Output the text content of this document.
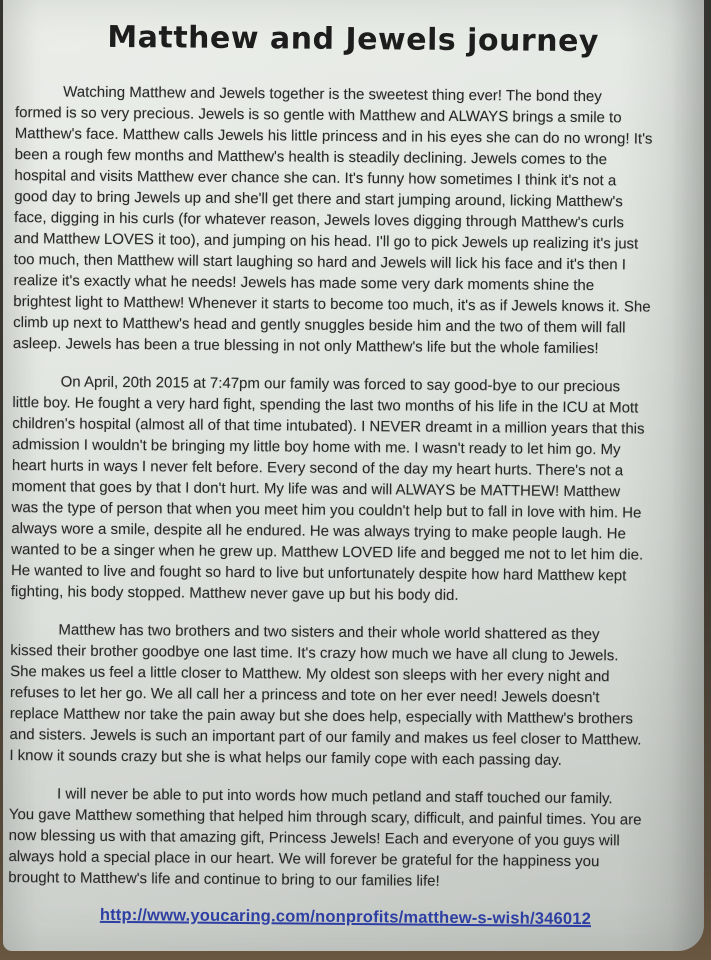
Matthew and Jewels journey

Watching Matthew and Jewels together is the sweetest thing ever! The bond they
formed is so very precious. Jewels is so gentle with Matthew and ALWAYS brings a smile to
Matthew's face. Matthew calls Jewels his little princess and in his eyes she can do no wrong! It's
been a rough few months and Matthew's health is steadily declining. Jewels comes to the
hospital and visits Matthew ever chance she can. It's funny how sometimes I think it's not a
good day to bring Jewels up and she'll get there and start jumping around, licking Matthew's
face, digging in his curls (for whatever reason, Jewels loves digging through Matthew's curls
and Matthew LOVES it too), and jumping on his head. I'll go to pick Jewels up realizing it's just
too much, then Matthew will start laughing so hard and Jewels will lick his face and it's then I
realize it's exactly what he needs! Jewels has made some very dark moments shine the
brightest light to Matthew! Whenever it starts to become too much, it's as if Jewels knows it. She
climb up next to Matthew's head and gently snuggles beside him and the two of them will fall
asleep. Jewels has been a true blessing in not only Matthew's life but the whole families!

On April, 20th 2015 at 7:47pm our family was forced to say good-bye to our precious
little boy. He fought a very hard fight, spending the last two months of his life in the ICU at Mott
children's hospital (almost all of that time intubated). I NEVER dreamt in a million years that this
admission I wouldn't be bringing my little boy home with me. I wasn't ready to let him go. My
heart hurts in ways I never felt before. Every second of the day my heart hurts. There's not a
moment that goes by that I don't hurt. My life was and will ALWAYS be MATTHEW! Matthew
was the type of person that when you meet him you couldn't help but to fall in love with him. He
always wore a smile, despite all he endured. He was always trying to make people laugh. He
wanted to be a singer when he grew up. Matthew LOVED life and begged me not to let him die.
He wanted to live and fought so hard to live but unfortunately despite how hard Matthew kept
fighting, his body stopped. Matthew never gave up but his body did.

Matthew has two brothers and two sisters and their whole world shattered as they
kissed their brother goodbye one last time. It's crazy how much we have all clung to Jewels.
She makes us feel a little closer to Matthew. My oldest son sleeps with her every night and
refuses to let her go. We all call her a princess and tote on her ever need! Jewels doesn't
replace Matthew nor take the pain away but she does help, especially with Matthew's brothers
and sisters. Jewels is such an important part of our family and makes us feel closer to Matthew.
I know it sounds crazy but she is what helps our family cope with each passing day.

I will never be able to put into words how much petland and staff touched our family.
You gave Matthew something that helped him through scary, difficult, and painful times. You are
now blessing us with that amazing gift, Princess Jewels! Each and everyone of you guys will
always hold a special place in our heart. We will forever be grateful for the happiness you
brought to Matthew's life and continue to bring to our families life!

http://www.youcaring.com/nonprofits/matthew-s-wish/346012
